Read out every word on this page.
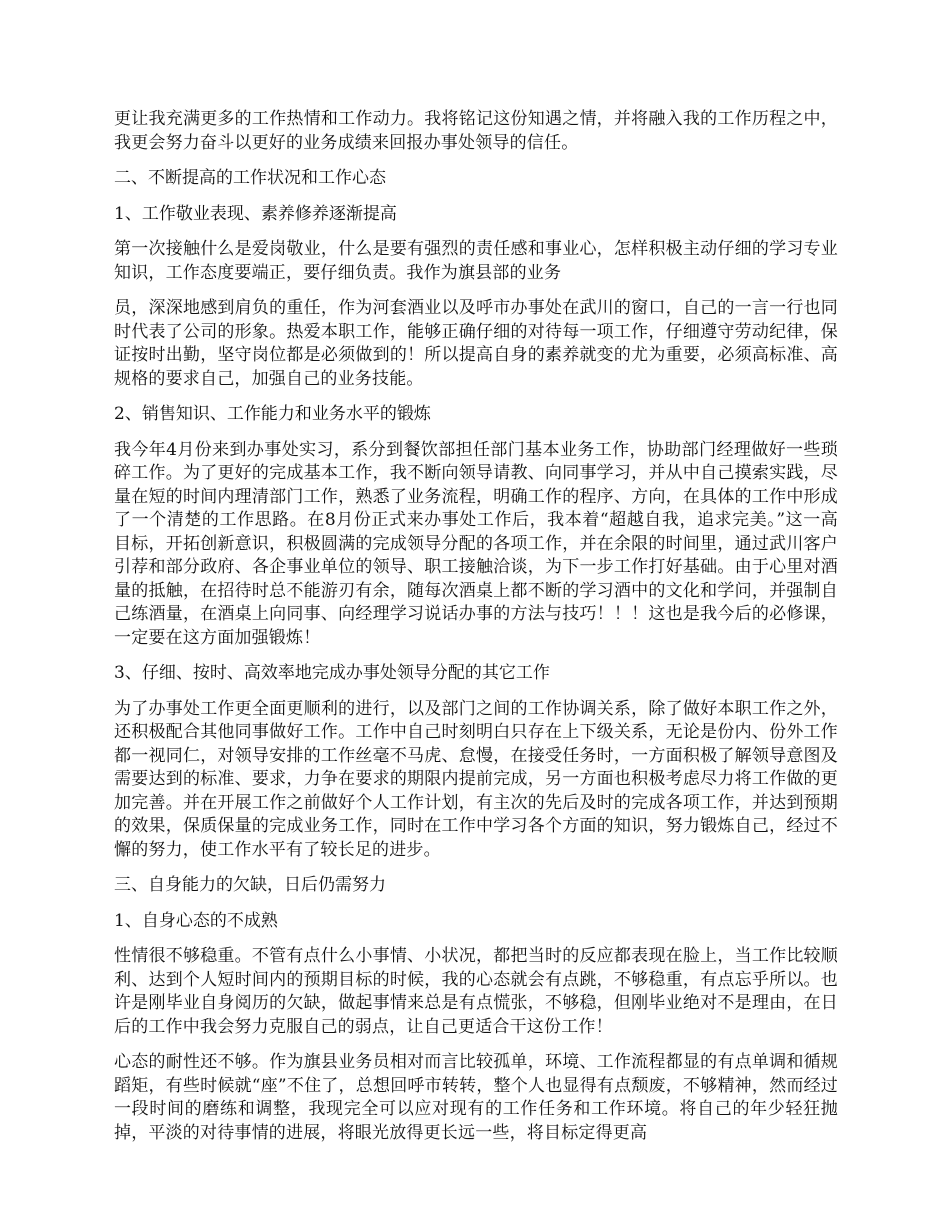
更让我充满更多的工作热情和工作动力。我将铭记这份知遇之情，并将融入我的工作历程之中，我更会努力奋斗以更好的业务成绩来回报办事处领导的信任。

二、不断提高的工作状况和工作心态

1、工作敬业表现、素养修养逐渐提高

第一次接触什么是爱岗敬业，什么是要有强烈的责任感和事业心，怎样积极主动仔细的学习专业知识，工作态度要端正，要仔细负责。我作为旗县部的业务

员，深深地感到肩负的重任，作为河套酒业以及呼市办事处在武川的窗口，自己的一言一行也同时代表了公司的形象。热爱本职工作，能够正确仔细的对待每一项工作，仔细遵守劳动纪律，保证按时出勤，坚守岗位都是必须做到的！所以提高自身的素养就变的尤为重要，必须高标准、高规格的要求自己，加强自己的业务技能。

2、销售知识、工作能力和业务水平的锻炼

我今年4月份来到办事处实习，系分到餐饮部担任部门基本业务工作，协助部门经理做好一些琐碎工作。为了更好的完成基本工作，我不断向领导请教、向同事学习，并从中自己摸索实践，尽量在短的时间内理清部门工作，熟悉了业务流程，明确工作的程序、方向，在具体的工作中形成了一个清楚的工作思路。在8月份正式来办事处工作后，我本着“超越自我，追求完美。”这一高目标，开拓创新意识，积极圆满的完成领导分配的各项工作，并在余限的时间里，通过武川客户引荐和部分政府、各企事业单位的领导、职工接触洽谈，为下一步工作打好基础。由于心里对酒量的抵触，在招待时总不能游刃有余，随每次酒桌上都不断的学习酒中的文化和学问，并强制自己练酒量，在酒桌上向同事、向经理学习说话办事的方法与技巧！！！这也是我今后的必修课，一定要在这方面加强锻炼！

3、仔细、按时、高效率地完成办事处领导分配的其它工作

为了办事处工作更全面更顺利的进行，以及部门之间的工作协调关系，除了做好本职工作之外，还积极配合其他同事做好工作。工作中自己时刻明白只存在上下级关系，无论是份内、份外工作都一视同仁，对领导安排的工作丝毫不马虎、怠慢，在接受任务时，一方面积极了解领导意图及需要达到的标准、要求，力争在要求的期限内提前完成，另一方面也积极考虑尽力将工作做的更加完善。并在开展工作之前做好个人工作计划，有主次的先后及时的完成各项工作，并达到预期的效果，保质保量的完成业务工作，同时在工作中学习各个方面的知识，努力锻炼自己，经过不懈的努力，使工作水平有了较长足的进步。

三、自身能力的欠缺，日后仍需努力

1、自身心态的不成熟

性情很不够稳重。不管有点什么小事情、小状况，都把当时的反应都表现在脸上，当工作比较顺利、达到个人短时间内的预期目标的时候，我的心态就会有点跳，不够稳重，有点忘乎所以。也许是刚毕业自身阅历的欠缺，做起事情来总是有点慌张，不够稳，但刚毕业绝对不是理由，在日后的工作中我会努力克服自己的弱点，让自己更适合干这份工作！

心态的耐性还不够。作为旗县业务员相对而言比较孤单，环境、工作流程都显的有点单调和循规蹈矩，有些时候就“座”不住了，总想回呼市转转，整个人也显得有点颓废，不够精神，然而经过一段时间的磨练和调整，我现完全可以应对现有的工作任务和工作环境。将自己的年少轻狂抛掉，平淡的对待事情的进展，将眼光放得更长远一些，将目标定得更高
